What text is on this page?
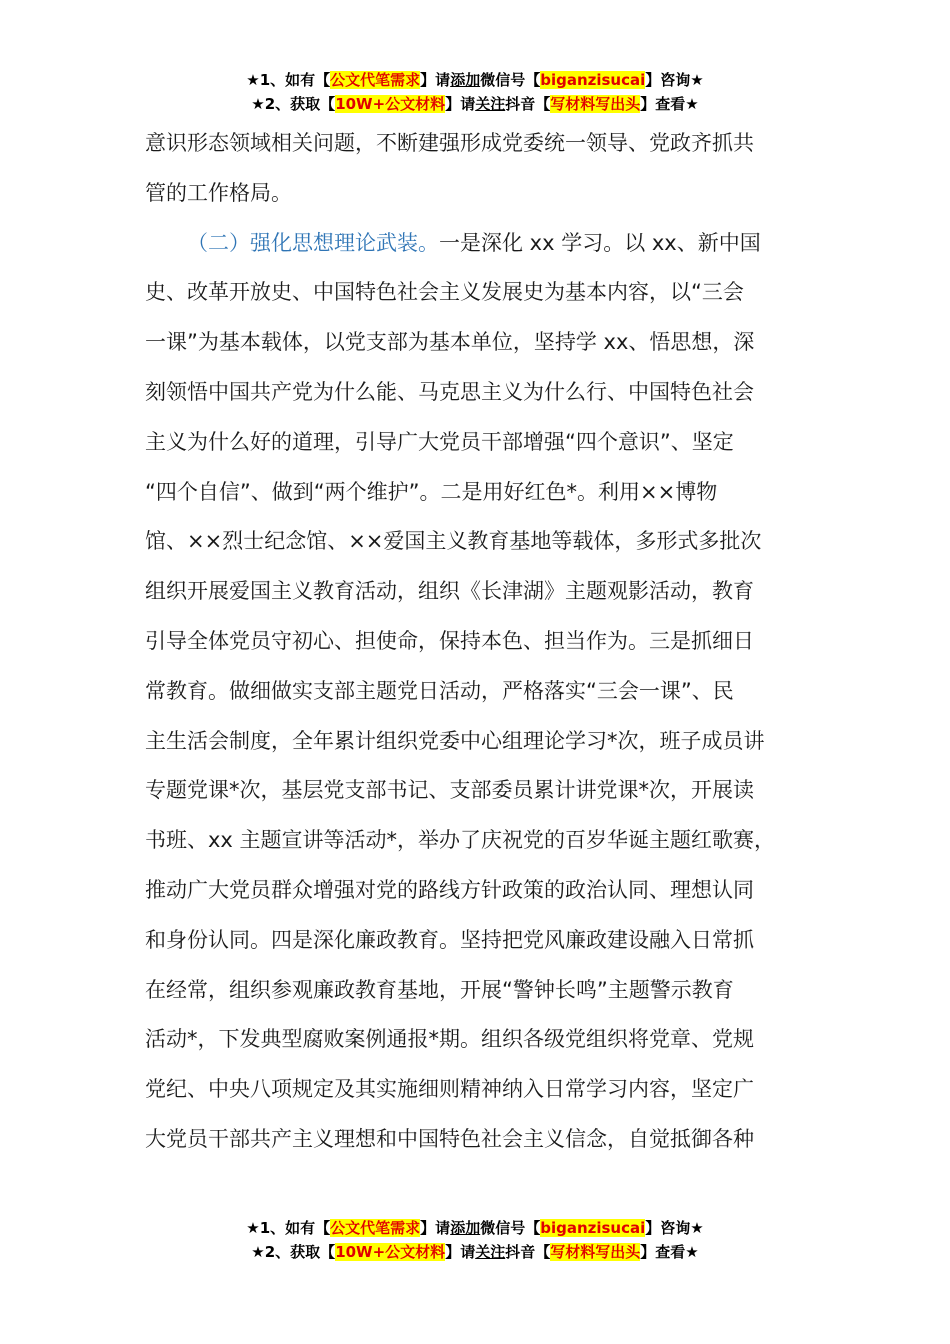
★1、如有【公文代笔需求】请添加微信号【biganzisucai】咨询★
★2、获取【10W+公文材料】请关注抖音【写材料写出头】查看★

意识形态领域相关问题，不断建强形成党委统一领导、党政齐抓共
管的工作格局。

（二）强化思想理论武装。一是深化 xx 学习。以 xx、新中国
史、改革开放史、中国特色社会主义发展史为基本内容，以“三会
一课”为基本载体，以党支部为基本单位，坚持学 xx、悟思想，深
刻领悟中国共产党为什么能、马克思主义为什么行、中国特色社会
主义为什么好的道理，引导广大党员干部增强“四个意识”、坚定
“四个自信”、做到“两个维护”。二是用好红色*。利用××博物
馆、××烈士纪念馆、××爱国主义教育基地等载体，多形式多批次
组织开展爱国主义教育活动，组织《长津湖》主题观影活动，教育
引导全体党员守初心、担使命，保持本色、担当作为。三是抓细日
常教育。做细做实支部主题党日活动，严格落实“三会一课”、民
主生活会制度，全年累计组织党委中心组理论学习*次，班子成员讲
专题党课*次，基层党支部书记、支部委员累计讲党课*次，开展读
书班、xx 主题宣讲等活动*，举办了庆祝党的百岁华诞主题红歌赛，
推动广大党员群众增强对党的路线方针政策的政治认同、理想认同
和身份认同。四是深化廉政教育。坚持把党风廉政建设融入日常抓
在经常，组织参观廉政教育基地，开展“警钟长鸣”主题警示教育
活动*，下发典型腐败案例通报*期。组织各级党组织将党章、党规
党纪、中央八项规定及其实施细则精神纳入日常学习内容，坚定广
大党员干部共产主义理想和中国特色社会主义信念，自觉抵御各种

★1、如有【公文代笔需求】请添加微信号【biganzisucai】咨询★
★2、获取【10W+公文材料】请关注抖音【写材料写出头】查看★
